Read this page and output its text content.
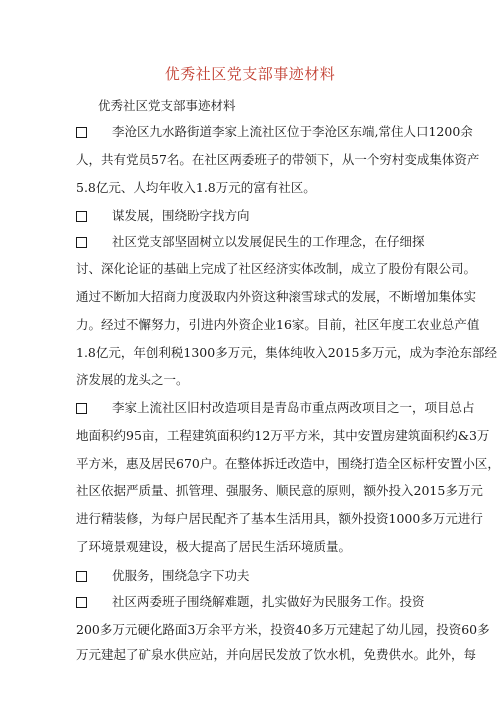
优秀社区党支部事迹材料
优秀社区党支部事迹材料
李沧区九水路街道李家上流社区位于李沧区东端,常住人口1200余
人，共有党员57名。在社区两委班子的带领下，从一个穷村变成集体资产
5.8亿元、人均年收入1.8万元的富有社区。
谋发展，围绕盼字找方向
社区党支部坚固树立以发展促民生的工作理念，在仔细探
讨、深化论证的基础上完成了社区经济实体改制，成立了股份有限公司。
通过不断加大招商力度汲取内外资这种滚雪球式的发展，不断增加集体实
力。经过不懈努力，引进内外资企业16家。目前，社区年度工农业总产值
1.8亿元，年创利税1300多万元，集体纯收入2015多万元，成为李沧东部经
济发展的龙头之一。
李家上流社区旧村改造项目是青岛市重点两改项目之一，项目总占
地面积约95亩，工程建筑面积约12万平方米，其中安置房建筑面积约&3万
平方米，惠及居民670户。在整体拆迁改造中，围绕打造全区标杆安置小区，
社区依据严质量、抓管理、强服务、顺民意的原则，额外投入2015多万元
进行精装修，为每户居民配齐了基本生活用具，额外投资1000多万元进行
了环境景观建设，极大提高了居民生活环境质量。
优服务，围绕急字下功夫
社区两委班子围绕解难题，扎实做好为民服务工作。投资
200多万元硬化路面3万余平方米，投资40多万元建起了幼儿园，投资60多
万元建起了矿泉水供应站，并向居民发放了饮水机，免费供水。此外，每
